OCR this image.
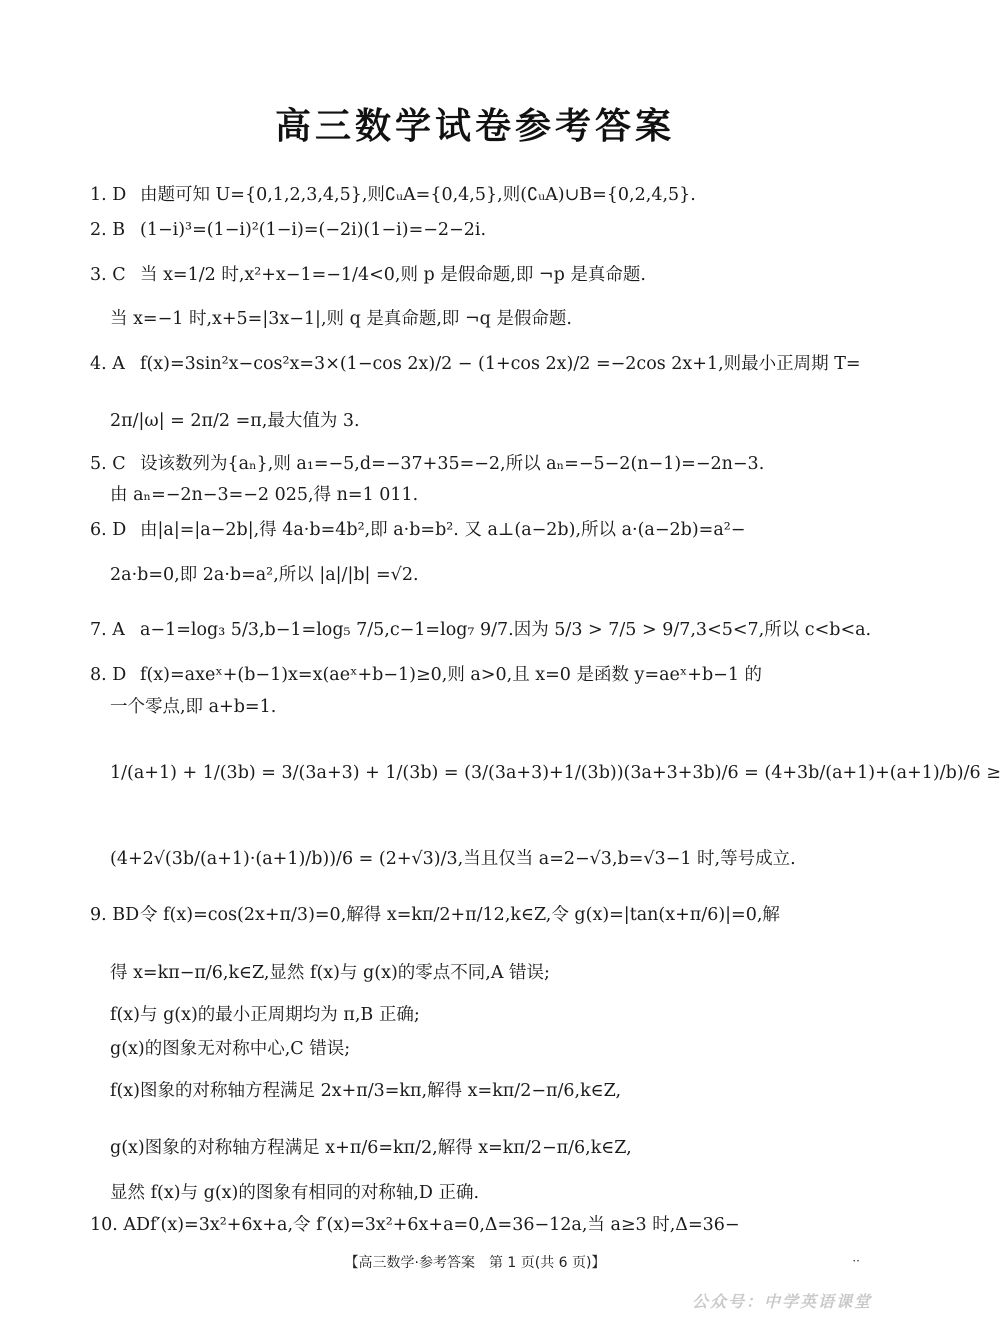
高三数学试卷参考答案
1. D 由题可知 U={0,1,2,3,4,5},则∁ᵤA={0,4,5},则(∁ᵤA)∪B={0,2,4,5}.
2. B (1−i)³=(1−i)²(1−i)=(−2i)(1−i)=−2−2i.
3. C 当 x=1/2 时,x²+x−1=−1/4<0,则 p 是假命题,即 ¬p 是真命题.
当 x=−1 时,x+5=|3x−1|,则 q 是真命题,即 ¬q 是假命题.
4. A f(x)=3sin²x−cos²x=3×(1−cos 2x)/2 − (1+cos 2x)/2 =−2cos 2x+1,则最小正周期 T=
2π/|ω| = 2π/2 =π,最大值为 3.
5. C 设该数列为{aₙ},则 a₁=−5,d=−37+35=−2,所以 aₙ=−5−2(n−1)=−2n−3.
由 aₙ=−2n−3=−2 025,得 n=1 011.
6. D 由|a|=|a−2b|,得 4a·b=4b²,即 a·b=b². 又 a⊥(a−2b),所以 a·(a−2b)=a²−
2a·b=0,即 2a·b=a²,所以 |a|/|b| =√2.
7. A a−1=log₃ 5/3,b−1=log₅ 7/5,c−1=log₇ 9/7.因为 5/3 > 7/5 > 9/7,3<5<7,所以 c<b<a.
8. D f(x)=axeˣ+(b−1)x=x(aeˣ+b−1)≥0,则 a>0,且 x=0 是函数 y=aeˣ+b−1 的
一个零点,即 a+b=1.
1/(a+1) + 1/(3b) = 3/(3a+3) + 1/(3b) = (3/(3a+3)+1/(3b))(3a+3+3b)/6 = (4+3b/(a+1)+(a+1)/b)/6 ≥
(4+2√(3b/(a+1)·(a+1)/b))/6 = (2+√3)/3,当且仅当 a=2−√3,b=√3−1 时,等号成立.
9. BD令 f(x)=cos(2x+π/3)=0,解得 x=kπ/2+π/12,k∈Z,令 g(x)=|tan(x+π/6)|=0,解
得 x=kπ−π/6,k∈Z,显然 f(x)与 g(x)的零点不同,A 错误;
f(x)与 g(x)的最小正周期均为 π,B 正确;
g(x)的图象无对称中心,C 错误;
f(x)图象的对称轴方程满足 2x+π/3=kπ,解得 x=kπ/2−π/6,k∈Z,
g(x)图象的对称轴方程满足 x+π/6=kπ/2,解得 x=kπ/2−π/6,k∈Z,
显然 f(x)与 g(x)的图象有相同的对称轴,D 正确.
10. ADf′(x)=3x²+6x+a,令 f′(x)=3x²+6x+a=0,Δ=36−12a,当 a≥3 时,Δ=36−
【高三数学·参考答案　第 1 页(共 6 页)】	··
公众号：中学英语课堂
